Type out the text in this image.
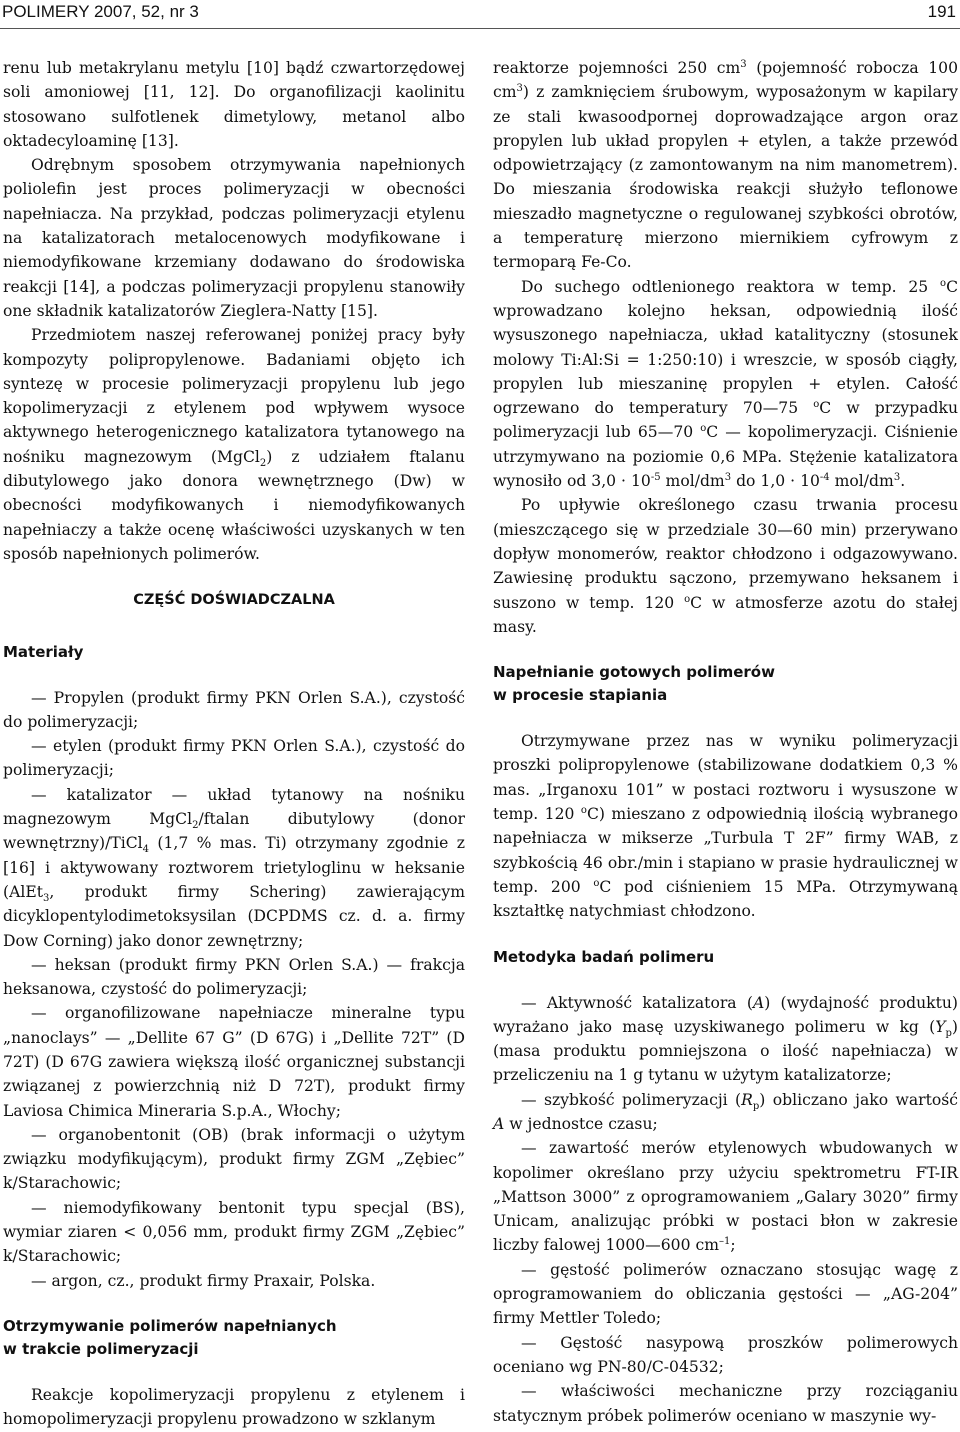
POLIMERY 2007, 52, nr 3	191

renu lub metakrylanu metylu [10] bądź czwartorzędowej soli amoniowej [11, 12]. Do organofilizacji kaolinitu stosowano sulfotlenek dimetylowy, metanol albo oktadecyloaminę [13].

Odrębnym sposobem otrzymywania napełnionych poliolefin jest proces polimeryzacji w obecności napełniacza. Na przykład, podczas polimeryzacji etylenu na katalizatorach metalocenowych modyfikowane i niemodyfikowane krzemiany dodawano do środowiska reakcji [14], a podczas polimeryzacji propylenu stanowiły one składnik katalizatorów Zieglera-Natty [15].

Przedmiotem naszej referowanej poniżej pracy były kompozyty polipropylenowe. Badaniami objęto ich syntezę w procesie polimeryzacji propylenu lub jego kopolimeryzacji z etylenem pod wpływem wysoce aktywnego heterogenicznego katalizatora tytanowego na nośniku magnezowym (MgCl$_2$) z udziałem ftalanu dibutylowego jako donora wewnętrznego (Dw) w obecności modyfikowanych i niemodyfikowanych napełniaczy a także ocenę właściwości uzyskanych w ten sposób napełnionych polimerów.

CZĘŚĆ DOŚWIADCZALNA
Materiały

— Propylen (produkt firmy PKN Orlen S.A.), czystość do polimeryzacji;

— etylen (produkt firmy PKN Orlen S.A.), czystość do polimeryzacji;

— katalizator — układ tytanowy na nośniku magnezowym MgCl$_2$/ftalan dibutylowy (donor wewnętrzny)/TiCl$_4$ (1,7 % mas. Ti) otrzymany zgodnie z [16] i aktywowany roztworem trietyloglinu w heksanie (AlEt$_3$, produkt firmy Schering) zawierającym dicyklopentylodimetoksysilan (DCPDMS cz. d. a. firmy Dow Corning) jako donor zewnętrzny;

— heksan (produkt firmy PKN Orlen S.A.) — frakcja heksanowa, czystość do polimeryzacji;

— organofilizowane napełniacze mineralne typu „nanoclays” — „Dellite 67 G” (D 67G) i „Dellite 72T” (D 72T) (D 67G zawiera większą ilość organicznej substancji związanej z powierzchnią niż D 72T), produkt firmy Laviosa Chimica Mineraria S.p.A., Włochy;

— organobentonit (OB) (brak informacji o użytym związku modyfikującym), produkt firmy ZGM „Zębiec” k/Starachowic;

— niemodyfikowany bentonit typu specjal (BS), wymiar ziaren < 0,056 mm, produkt firmy ZGM „Zębiec” k/Starachowic;

— argon, cz., produkt firmy Praxair, Polska.

Otrzymywanie polimerów napełnianych
w trakcie polimeryzacji

Reakcje kopolimeryzacji propylenu z etylenem i homopolimeryzacji propylenu prowadzono w szklanym

reaktorze pojemności 250 $cm^3$ (pojemność robocza 100 $cm^3$) z zamknięciem śrubowym, wyposażonym w kapilary ze stali kwasoodpornej doprowadzające argon oraz propylen lub układ propylen + etylen, a także przewód odpowietrzający (z zamontowanym na nim manometrem). Do mieszania środowiska reakcji służyło teflonowe mieszadło magnetyczne o regulowanej szybkości obrotów, a temperaturę mierzono miernikiem cyfrowym z termoparą Fe-Co.

Do suchego odtlenionego reaktora w temp. 25 $^o$C wprowadzano kolejno heksan, odpowiednią ilość wysuszonego napełniacza, układ katalityczny (stosunek molowy Ti:Al:Si = 1:250:10) i wreszcie, w sposób ciągły, propylen lub mieszaninę propylen + etylen. Całość ogrzewano do temperatury 70—75 $^o$C w przypadku polimeryzacji lub 65—70 $^o$C — kopolimeryzacji. Ciśnienie utrzymywano na poziomie 0,6 MPa. Stężenie katalizatora wynosiło od $3,0 \cdot 10^{-5}$ mol/$dm^3$ do $1,0 \cdot 10^{-4}$ mol/$dm^3$.

Po upływie określonego czasu trwania procesu (mieszczącego się w przedziale 30—60 min) przerywano dopływ monomerów, reaktor chłodzono i odgazowywano. Zawiesinę produktu sączono, przemywano heksanem i suszono w temp. 120 $^o$C w atmosferze azotu do stałej masy.

Napełnianie gotowych polimerów
w procesie stapiania

Otrzymywane przez nas w wyniku polimeryzacji proszki polipropylenowe (stabilizowane dodatkiem 0,3 % mas. „Irganoxu 101” w postaci roztworu i wysuszone w temp. 120 $^o$C) mieszano z odpowiednią ilością wybranego napełniacza w mikserze „Turbula T 2F” firmy WAB, z szybkością 46 obr./min i stapiano w prasie hydraulicznej w temp. 200 $^o$C pod ciśnieniem 15 MPa. Otrzymywaną kształtkę natychmiast chłodzono.

Metodyka badań polimeru

— Aktywność katalizatora (A) (wydajność produktu) wyrażano jako masę uzyskiwanego polimeru w kg $(Y_p)$ (masa produktu pomniejszona o ilość napełniacza) w przeliczeniu na 1 g tytanu w użytym katalizatorze;

— szybkość polimeryzacji $(R_p)$ obliczano jako wartość A w jednostce czasu;

— zawartość merów etylenowych wbudowanych w kopolimer określano przy użyciu spektrometru FT-IR „Mattson 3000” z oprogramowaniem „Galary 3020” firmy Unicam, analizując próbki w postaci błon w zakresie liczby falowej 1000—600 $cm^{-1}$;

— gęstość polimerów oznaczano stosując wagę z oprogramowaniem do obliczania gęstości — „AG-204” firmy Mettler Toledo;

— Gęstość nasypową proszków polimerowych oceniano wg PN-80/C-04532;

— właściwości mechaniczne przy rozciąganiu statycznym próbek polimerów oceniano w maszynie wy-
